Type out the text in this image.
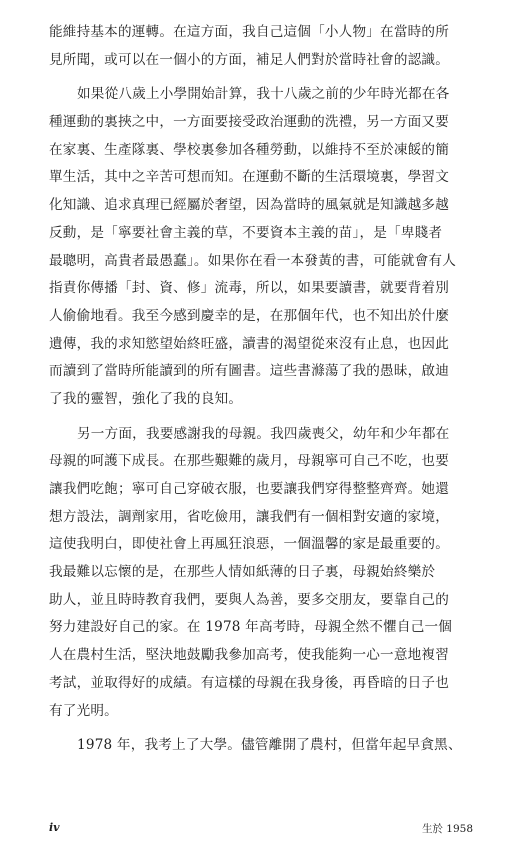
能維持基本的運轉。在這方面，我自己這個「小人物」在當時的所
見所聞，或可以在一個小的方面，補足人們對於當時社會的認識。
如果從八歲上小學開始計算，我十八歲之前的少年時光都在各
種運動的裏挾之中，一方面要接受政治運動的洗禮，另一方面又要
在家裏、生產隊裏、學校裏參加各種勞動，以維持不至於凍餒的簡
單生活，其中之辛苦可想而知。在運動不斷的生活環境裏，學習文
化知識、追求真理已經屬於奢望，因為當時的風氣就是知識越多越
反動，是「寧要社會主義的草，不要資本主義的苗」，是「卑賤者
最聰明，高貴者最愚蠢」。如果你在看一本發黃的書，可能就會有人
指責你傳播「封、資、修」流毒，所以，如果要讀書，就要背着別
人偷偷地看。我至今感到慶幸的是，在那個年代，也不知出於什麼
遺傳，我的求知慾望始終旺盛，讀書的渴望從來沒有止息，也因此
而讀到了當時所能讀到的所有圖書。這些書滌蕩了我的愚昧，啟迪
了我的靈智，強化了我的良知。
另一方面，我要感謝我的母親。我四歲喪父，幼年和少年都在
母親的呵護下成長。在那些艱難的歲月，母親寧可自己不吃，也要
讓我們吃飽；寧可自己穿破衣服，也要讓我們穿得整整齊齊。她還
想方設法，調劑家用，省吃儉用，讓我們有一個相對安適的家境，
這使我明白，即使社會上再風狂浪惡，一個溫馨的家是最重要的。
我最難以忘懷的是，在那些人情如紙薄的日子裏，母親始終樂於
助人，並且時時教育我們，要與人為善，要多交朋友，要靠自己的
努力建設好自己的家。在 1978 年高考時，母親全然不懼自己一個
人在農村生活，堅決地鼓勵我參加高考，使我能夠一心一意地複習
考試，並取得好的成績。有這樣的母親在我身後，再昏暗的日子也
有了光明。
1978 年，我考上了大學。儘管離開了農村，但當年起早貪黑、
iv	生於 1958
